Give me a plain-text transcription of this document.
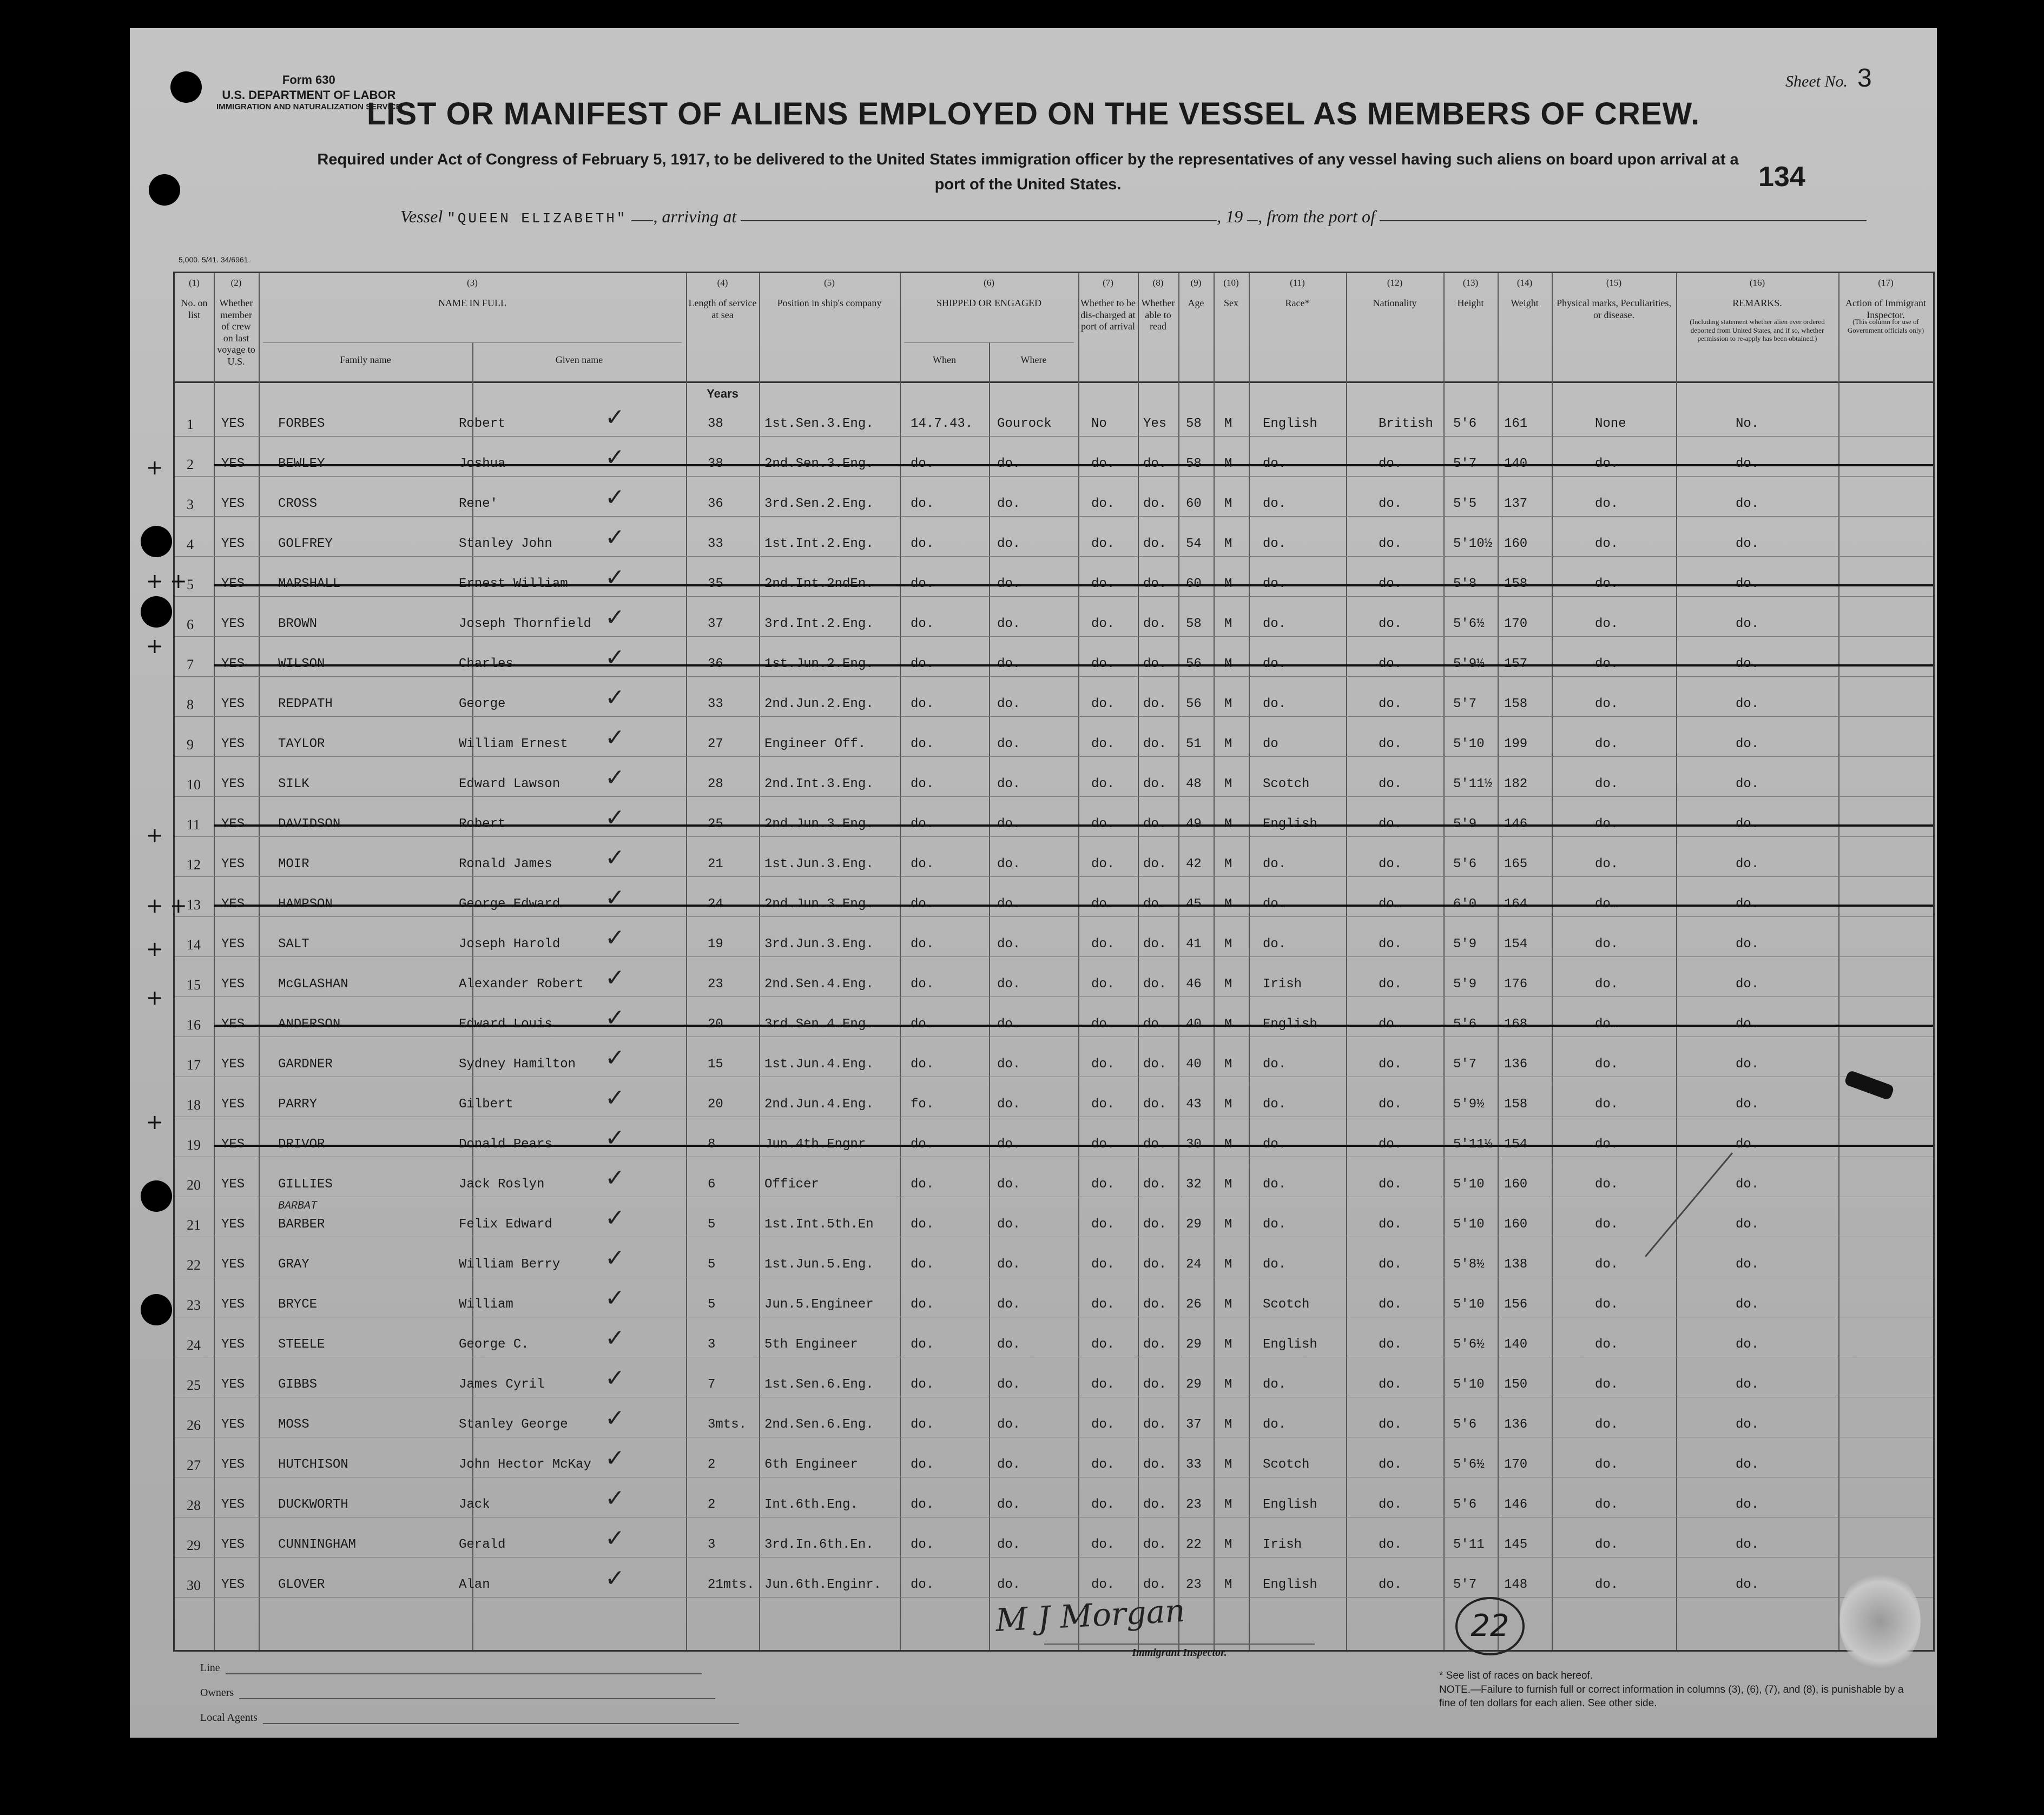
Form 630
U.S. DEPARTMENT OF LABOR
IMMIGRATION AND NATURALIZATION SERVICE
Sheet No. 3
LIST OR MANIFEST OF ALIENS EMPLOYED ON THE VESSEL AS MEMBERS OF CREW.
Required under Act of Congress of February 5, 1917, to be delivered to the United States immigration officer by the representatives of any vessel having such aliens on board upon arrival at a port of the United States.	134
Vessel "QUEEN ELIZABETH" , arriving at	, 19 , from the port of
5,000. 5/41. 34/6961.
(1)
No. on list
(2)
Whether member of crew on last voyage to U.S.
(3)
NAME IN FULL
Family name	Given name
(4)
Length of service at sea
Years
(5)
Position in ship's company
(6)
SHIPPED OR ENGAGED
When	Where
(7)
Whether to be dis-charged at port of arrival
(8)
Whether able to read
(9)
Age
(10)
Sex
(11)
Race*
(12)
Nationality
(13)
Height
(14)
Weight
(15)
Physical marks, Peculiarities, or disease.
(16)
REMARKS.
(Including statement whether alien ever ordered deported from United States, and if so, whether permission to re-apply has been obtained.)
(17)
Action of Immigrant Inspector.
(This column for use of Government officials only)
1 YES	FORBES	Robert	38	1st.Sen.3.Eng.	14.7.43. Gourock	No	Yes 58 M English	British 5'6 161	None	No.
✓
2 YES	BEWLEY	Joshua	38	2nd.Sen.3.Eng.	do.	do.	do. do. 58 M do.	do.	5'7 140	do.	do.
✓
3 YES	CROSS	Rene'	36	3rd.Sen.2.Eng.	do.	do.	do. do. 60 M do.	do.	5'5 137	do.	do.
✓
4 YES	GOLFREY	Stanley John	33	1st.Int.2.Eng.	do.	do.	do. do. 54 M do.	do.	5'10½ 160	do.	do.
✓
5 YES	MARSHALL	Ernest William	35	2nd.Int.2ndEn.	do.	do.	do. do. 60 M do.	do.	5'8 158	do.	do.
✓
6 YES	BROWN	Joseph Thornfield	37	3rd.Int.2.Eng.	do.	do.	do. do. 58 M do.	do.	5'6½ 170	do.	do.
✓
7 YES	WILSON	Charles	36	1st.Jun.2.Eng.	do.	do.	do. do. 56 M do.	do.	5'9½ 157	do.	do.
✓
8 YES	REDPATH	George	33	2nd.Jun.2.Eng.	do.	do.	do. do. 56 M do.	do.	5'7 158	do.	do.
✓
9 YES	TAYLOR	William Ernest	27	Engineer Off.	do.	do.	do. do. 51 M do	do.	5'10 199	do.	do.
✓
10 YES	SILK	Edward Lawson	28	2nd.Int.3.Eng.	do.	do.	do. do. 48 M Scotch	do.	5'11½ 182	do.	do.
✓
11 YES	DAVIDSON	Robert	25	2nd.Jun.3.Eng.	do.	do.	do. do. 49 M English	do.	5'9 146	do.	do.
✓
12 YES	MOIR	Ronald James	21	1st.Jun.3.Eng.	do.	do.	do. do. 42 M do.	do.	5'6 165	do.	do.
✓
13 YES	HAMPSON	George Edward	24	2nd.Jun.3.Eng.	do.	do.	do. do. 45 M do.	do.	6'0 164	do.	do.
✓
14 YES	SALT	Joseph Harold	19	3rd.Jun.3.Eng.	do.	do.	do. do. 41 M do.	do.	5'9 154	do.	do.
✓
15 YES	McGLASHAN	Alexander Robert	23	2nd.Sen.4.Eng.	do.	do.	do. do. 46 M Irish	do.	5'9 176	do.	do.
✓
16 YES	ANDERSON	Edward Louis	20	3rd.Sen.4.Eng.	do.	do.	do. do. 40 M English	do.	5'6 168	do.	do.
✓
17 YES	GARDNER	Sydney Hamilton	15	1st.Jun.4.Eng.	do.	do.	do. do. 40 M do.	do.	5'7 136	do.	do.
✓
18 YES	PARRY	Gilbert	20	2nd.Jun.4.Eng.	fo.	do.	do. do. 43 M do.	do.	5'9½ 158	do.	do.
✓
19 YES	DRIVOR	Donald Pears	8	Jun.4th.Engnr	do.	do.	do. do. 30 M do.	do.	5'11½ 154	do.	do.
✓
20 YES	GILLIES	Jack Roslyn	6	Officer	do.	do.	do. do. 32 M do.	do.	5'10 160	do.	do.
✓
21 YES	BARBER	Felix Edward	5	1st.Int.5th.En	do.	do.	do. do. 29 M do.	do.	5'10 160	do.	do.
BARBAT	✓
22 YES	GRAY	William Berry	5	1st.Jun.5.Eng.	do.	do.	do. do. 24 M do.	do.	5'8½ 138	do.	do.
✓
23 YES	BRYCE	William	5	Jun.5.Engineer	do.	do.	do. do. 26 M Scotch	do.	5'10 156	do.	do.
✓
24 YES	STEELE	George C.	3	5th Engineer	do.	do.	do. do. 29 M English	do.	5'6½ 140	do.	do.
✓
25 YES	GIBBS	James Cyril	7	1st.Sen.6.Eng.	do.	do.	do. do. 29 M do.	do.	5'10 150	do.	do.
✓
26 YES	MOSS	Stanley George	3mts. 2nd.Sen.6.Eng.	do.	do.	do. do. 37 M do.	do.	5'6 136	do.	do.
✓
27 YES	HUTCHISON	John Hector McKay	2	6th Engineer	do.	do.	do. do. 33 M Scotch	do.	5'6½ 170	do.	do.
✓
28 YES	DUCKWORTH	Jack	2	Int.6th.Eng.	do.	do.	do. do. 23 M English	do.	5'6 146	do.	do.
✓
29 YES	CUNNINGHAM	Gerald	3	3rd.In.6th.En.	do.	do.	do. do. 22 M Irish	do.	5'11 145	do.	do.
✓
30 YES	GLOVER	Alan	21mts. Jun.6th.Enginr. do.	do.	do. do. 23 M English	do.	5'7 148	do.	do.
✓
+
+ +
+
+
+ +
+
+
+
M J Morgan	22
Immigrant Inspector.
Line
Owners
Local Agents
* See list of races on back hereof.
NOTE.—Failure to furnish full or correct information in columns (3), (6), (7), and (8), is punishable by a fine of ten dollars for each alien. See other side.
